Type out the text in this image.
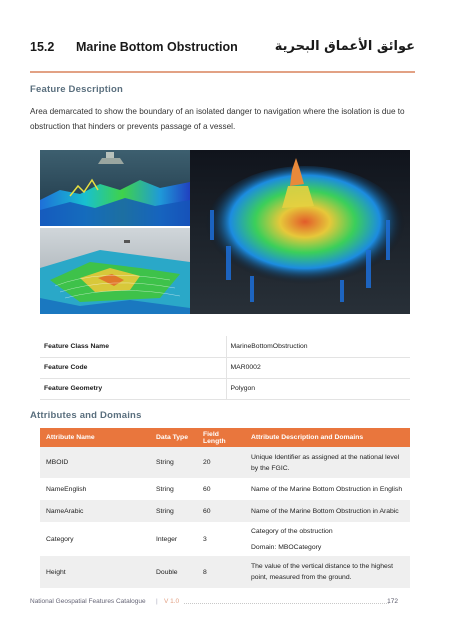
15.2 Marine Bottom Obstruction	عوائق الأعماق البحرية
Feature Description
Area demarcated to show the boundary of an isolated danger to navigation where the isolation is due to obstruction that hinders or prevents passage of a vessel.
Feature Class Name	MarineBottomObstruction
Feature Code	MAR0002
Feature Geometry	Polygon
Attributes and Domains
Attribute Name	Data Type	Field Length	Attribute Description and Domains
MBOID	String	20	Unique Identifier as assigned at the national level by the FGIC.
NameEnglish	String	60	Name of the Marine Bottom Obstruction in English
NameArabic	String	60	Name of the Marine Bottom Obstruction in Arabic
Category	Integer	3	Category of the obstruction
Domain: MBOCategory

Height	Double	8	The value of the vertical distance to the highest point, measured from the ground.
National Geospatial Features Catalogue | V 1.0	172
